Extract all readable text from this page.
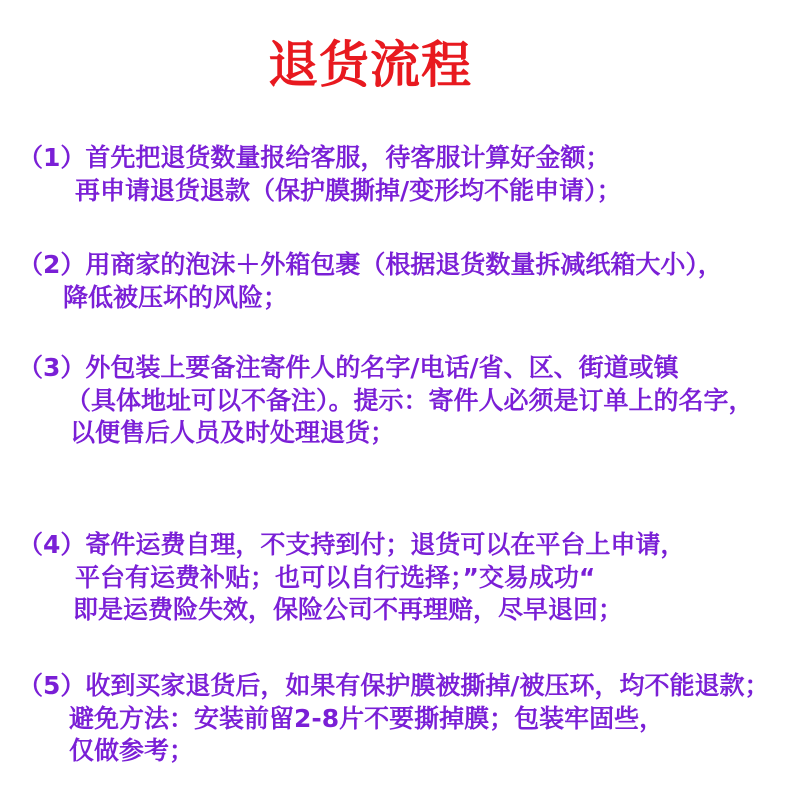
退货流程
（1）首先把退货数量报给客服，待客服计算好金额；
再申请退货退款（保护膜撕掉/变形均不能申请）；
（2）用商家的泡沫＋外箱包裹（根据退货数量拆减纸箱大小），
降低被压坏的风险；
（3）外包装上要备注寄件人的名字/电话/省、区、街道或镇
（具体地址可以不备注）。提示：寄件人必须是订单上的名字，
以便售后人员及时处理退货；
（4）寄件运费自理，不支持到付；退货可以在平台上申请，
平台有运费补贴；也可以自行选择；”交易成功“
即是运费险失效，保险公司不再理赔，尽早退回；
（5）收到买家退货后，如果有保护膜被撕掉/被压环，均不能退款；
避免方法：安装前留2-8片不要撕掉膜；包装牢固些，
仅做参考；
